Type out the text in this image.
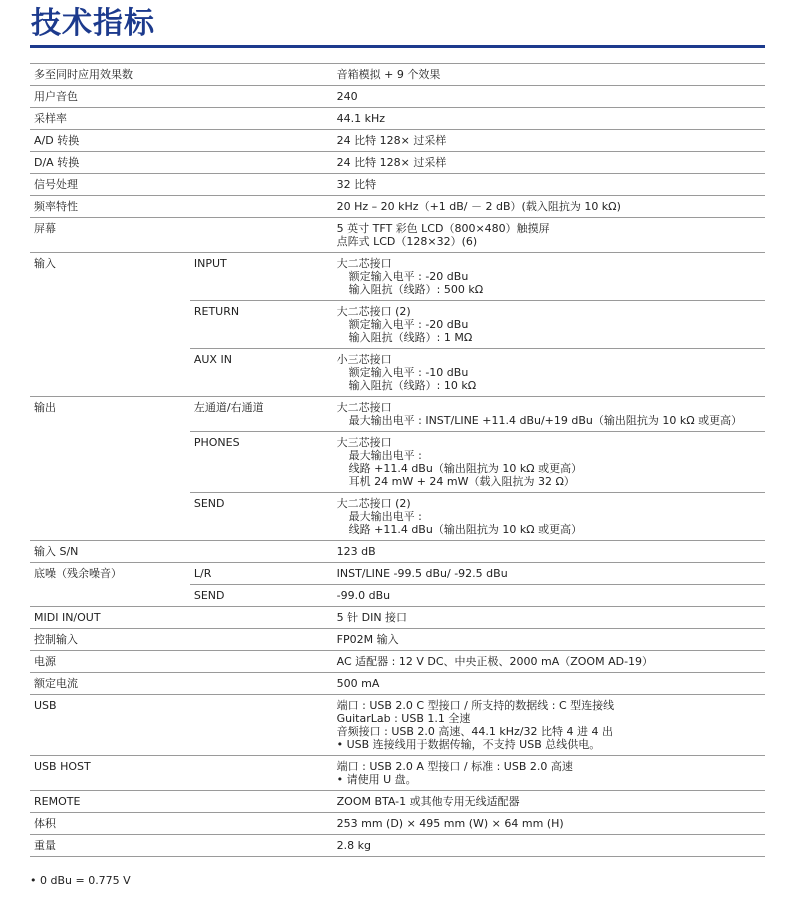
技术指标
多至同时应用效果数		音箱模拟 + 9 个效果
用户音色		240
采样率		44.1 kHz
A/D 转换		24 比特 128× 过采样
D/A 转换		24 比特 128× 过采样
信号处理		32 比特
频率特性		20 Hz – 20 kHz（+1 dB/ － 2 dB）(载入阻抗为 10 kΩ)
屏幕		5 英寸 TFT 彩色 LCD（800×480）触摸屏
点阵式 LCD（128×32）(6)

输入	INPUT	大二芯接口
额定输入电平 : -20 dBu
输入阻抗（线路）: 500 kΩ

	RETURN	大二芯接口 (2)
额定输入电平 : -20 dBu
输入阻抗（线路）: 1 MΩ

	AUX IN	小三芯接口
额定输入电平 : -10 dBu
输入阻抗（线路）: 10 kΩ

输出	左通道/右通道	大二芯接口
最大输出电平 : INST/LINE +11.4 dBu/+19 dBu（输出阻抗为 10 kΩ 或更高）

	PHONES	大三芯接口
最大输出电平 :
线路 +11.4 dBu（输出阻抗为 10 kΩ 或更高）
耳机 24 mW + 24 mW（载入阻抗为 32 Ω）

	SEND	大二芯接口 (2)
最大输出电平 :
线路 +11.4 dBu（输出阻抗为 10 kΩ 或更高）

输入 S/N		123 dB
底噪（残余噪音）	L/R	INST/LINE -99.5 dBu/ -92.5 dBu
	SEND	-99.0 dBu
MIDI IN/OUT		5 针 DIN 接口
控制输入		FP02M 输入
电源		AC 适配器 : 12 V DC、中央正极、2000 mA（ZOOM AD-19）
额定电流		500 mA
USB		端口 : USB 2.0 C 型接口 / 所支持的数据线 : C 型连接线
GuitarLab : USB 1.1 全速
音频接口 : USB 2.0 高速、44.1 kHz/32 比特 4 进 4 出
• USB 连接线用于数据传输，不支持 USB 总线供电。

USB HOST		端口 : USB 2.0 A 型接口 / 标准 : USB 2.0 高速
• 请使用 U 盘。

REMOTE		ZOOM BTA-1 或其他专用无线适配器
体积		253 mm (D) × 495 mm (W) × 64 mm (H)
重量		2.8 kg
• 0 dBu = 0.775 V
